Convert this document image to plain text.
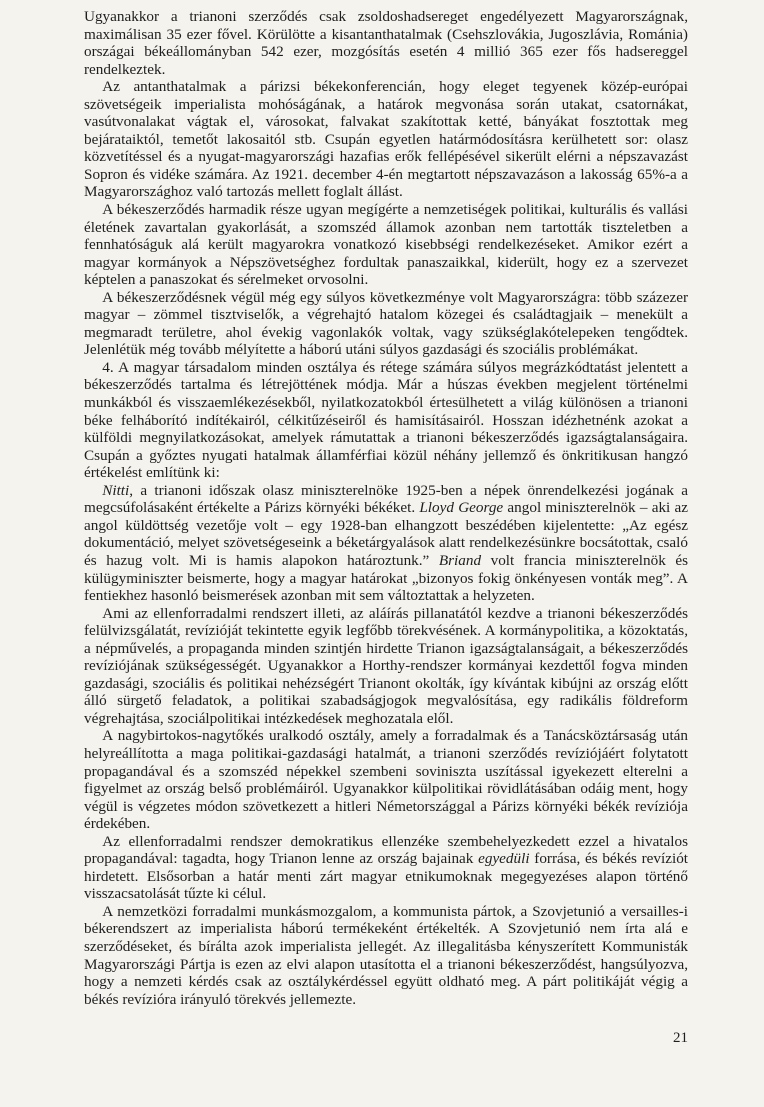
Ugyanakkor a trianoni szerződés csak zsoldoshadsereget engedélyezett Magyarországnak, maximálisan 35 ezer fővel. Körülötte a kisantanthatalmak (Csehszlovákia, Jugoszlávia, Románia) országai békeállományban 542 ezer, mozgósítás esetén 4 millió 365 ezer fős hadsereggel rendelkeztek.

Az antanthatalmak a párizsi békekonferencián, hogy eleget tegyenek közép-európai szövetségeik imperialista mohóságának, a határok megvonása során utakat, csatornákat, vasútvonalakat vágtak el, városokat, falvakat szakítottak ketté, bányákat fosztottak meg bejárataiktól, temetőt lakosaitól stb. Csupán egyetlen határmódosításra kerülhetett sor: olasz közvetítéssel és a nyugat-magyarországi hazafias erők fellépésével sikerült elérni a népszavazást Sopron és vidéke számára. Az 1921. december 4-én megtartott népszavazáson a lakosság 65%-a a Magyarországhoz való tartozás mellett foglalt állást.

A békeszerződés harmadik része ugyan megígérte a nemzetiségek politikai, kulturális és vallási életének zavartalan gyakorlását, a szomszéd államok azonban nem tartották tiszteletben a fennhatóságuk alá került magyarokra vonatkozó kisebbségi rendelkezéseket. Amikor ezért a magyar kormányok a Népszövetséghez fordultak panaszaikkal, kiderült, hogy ez a szervezet képtelen a panaszokat és sérelmeket orvosolni.

A békeszerződésnek végül még egy súlyos következménye volt Magyarországra: több százezer magyar – zömmel tisztviselők, a végrehajtó hatalom közegei és családtagjaik – menekült a megmaradt területre, ahol évekig vagonlakók voltak, vagy szükséglakótelepeken tengődtek. Jelenlétük még tovább mélyítette a háború utáni súlyos gazdasági és szociális problémákat.

4. A magyar társadalom minden osztálya és rétege számára súlyos megrázkódtatást jelentett a békeszerződés tartalma és létrejöttének módja. Már a húszas években megjelent történelmi munkákból és visszaemlékezésekből, nyilatkozatokból értesülhetett a világ különösen a trianoni béke felháborító indítékairól, célkitűzéseiről és hamisításairól. Hosszan idézhetnénk azokat a külföldi megnyilatkozásokat, amelyek rámutattak a trianoni békeszerződés igazságtalanságaira. Csupán a győztes nyugati hatalmak államférfiai közül néhány jellemző és önkritikusan hangzó értékelést említünk ki:

Nitti, a trianoni időszak olasz miniszterelnöke 1925-ben a népek önrendelkezési jogának a megcsúfolásaként értékelte a Párizs környéki békéket. Lloyd George angol miniszterelnök – aki az angol küldöttség vezetője volt – egy 1928-ban elhangzott beszédében kijelentette: „Az egész dokumentáció, melyet szövetségeseink a béketárgyalások alatt rendelkezésünkre bocsátottak, csaló és hazug volt. Mi is hamis alapokon határoztunk.” Briand volt francia miniszterelnök és külügyminiszter beismerte, hogy a magyar határokat „bizonyos fokig önkényesen vonták meg”. A fentiekhez hasonló beismerések azonban mit sem változtattak a helyzeten.

Ami az ellenforradalmi rendszert illeti, az aláírás pillanatától kezdve a trianoni békeszerződés felülvizsgálatát, revízióját tekintette egyik legfőbb törekvésének. A kormánypolitika, a közoktatás, a népművelés, a propaganda minden szintjén hirdette Trianon igazságtalanságait, a békeszerződés revíziójának szükségességét. Ugyanakkor a Horthy-rendszer kormányai kezdettől fogva minden gazdasági, szociális és politikai nehézségért Trianont okolták, így kívántak kibújni az ország előtt álló sürgető feladatok, a politikai szabadságjogok megvalósítása, egy radikális földreform végrehajtása, szociálpolitikai intézkedések meghozatala elől.

A nagybirtokos-nagytőkés uralkodó osztály, amely a forradalmak és a Tanácsköztársaság után helyreállította a maga politikai-gazdasági hatalmát, a trianoni szerződés revíziójáért folytatott propagandával és a szomszéd népekkel szembeni soviniszta uszítással igyekezett elterelni a figyelmet az ország belső problémáiról. Ugyanakkor külpolitikai rövidlátásában odáig ment, hogy végül is végzetes módon szövetkezett a hitleri Németországgal a Párizs környéki békék revíziója érdekében.

Az ellenforradalmi rendszer demokratikus ellenzéke szembehelyezkedett ezzel a hivatalos propagandával: tagadta, hogy Trianon lenne az ország bajainak egyedüli forrása, és békés revíziót hirdetett. Elsősorban a határ menti zárt magyar etnikumoknak megegyezéses alapon történő visszacsatolását tűzte ki célul.

A nemzetközi forradalmi munkásmozgalom, a kommunista pártok, a Szovjetunió a versailles-i békerendszert az imperialista háború termékeként értékelték. A Szovjetunió nem írta alá e szerződéseket, és bírálta azok imperialista jellegét. Az illegalitásba kényszerített Kommunisták Magyarországi Pártja is ezen az elvi alapon utasította el a trianoni békeszerződést, hangsúlyozva, hogy a nemzeti kérdés csak az osztálykérdéssel együtt oldható meg. A párt politikáját végig a békés revízióra irányuló törekvés jellemezte.

21
